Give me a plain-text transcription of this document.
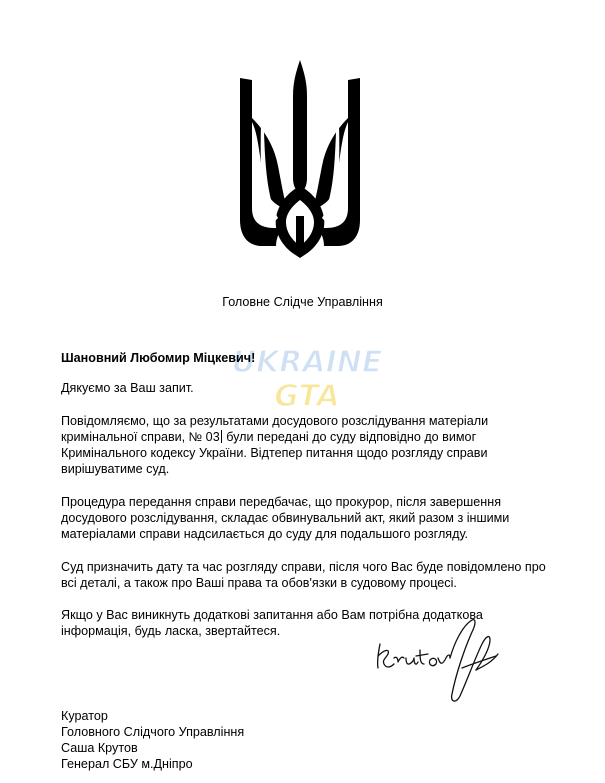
Головне Слідче Управління
UKRAINE
GTA

Шановний Любомир Міцкевич!

Дякуємо за Ваш запит.

Повідомляємо, що за результатами досудового розслідування матеріали кримінальної справи, № 03 були передані до суду відповідно до вимог Кримінального кодексу України. Відтепер питання щодо розгляду справи вирішуватиме суд.

Процедура передання справи передбачає, що прокурор, після завершення досудового розслідування, складає обвинувальний акт, який разом з іншими матеріалами справи надсилається до суду для подальшого розгляду.

Суд призначить дату та час розгляду справи, після чого Вас буде повідомлено про всі деталі, а також про Ваші права та обов'язки в судовому процесі.

Якщо у Вас виникнуть додаткові запитання або Вам потрібна додаткова інформація, будь ласка, звертайтеся.

Куратор
Головного Слідчого Управління
Саша Крутов
Генерал СБУ м.Дніпро
